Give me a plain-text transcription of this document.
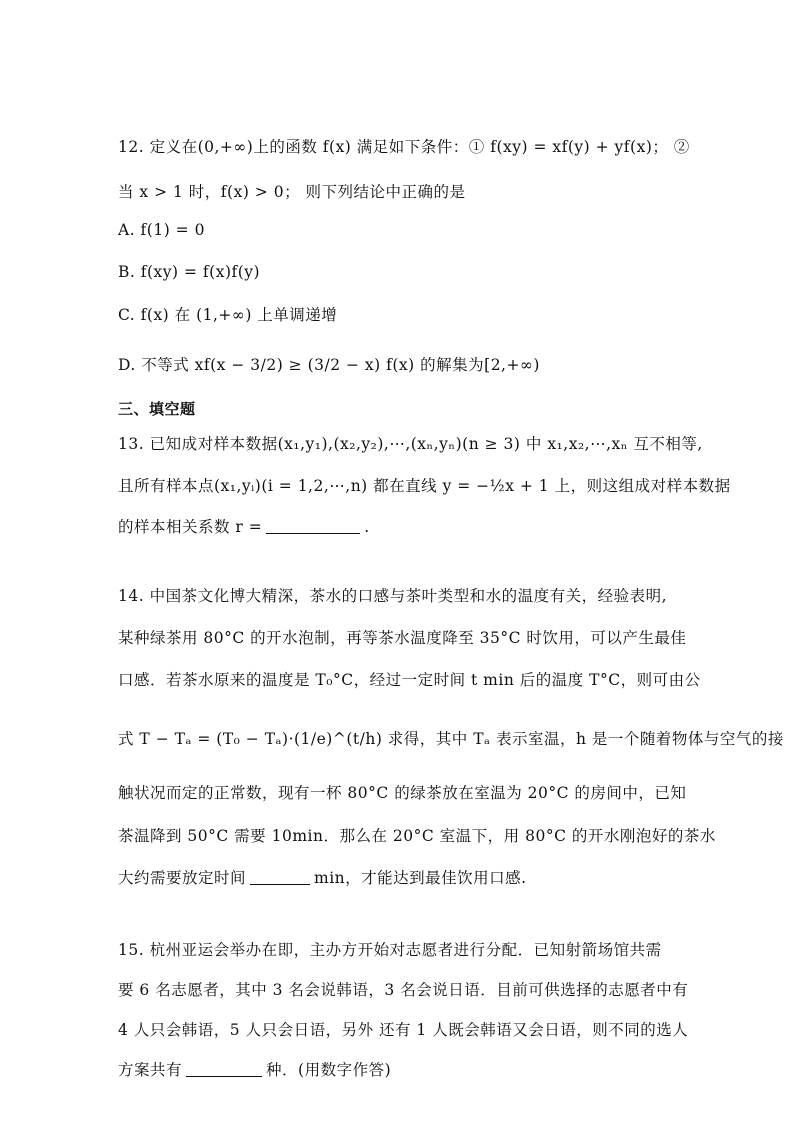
12. 定义在(0,+∞)上的函数 f(x) 满足如下条件：① f(xy) = xf(y) + yf(x)； ②
当 x > 1 时，f(x) > 0； 则下列结论中正确的是
A. f(1) = 0
B. f(xy) = f(x)f(y)
C. f(x) 在 (1,+∞) 上单调递增
D. 不等式 xf(x − 3/2) ≥ (3/2 − x) f(x) 的解集为[2,+∞)
三、填空题
13. 已知成对样本数据(x₁,y₁),(x₂,y₂),⋯,(xₙ,yₙ)(n ≥ 3) 中 x₁,x₂,⋯,xₙ 互不相等,
且所有样本点(x₁,yᵢ)(i = 1,2,⋯,n) 都在直线 y = −½x + 1 上，则这组成对样本数据
的样本相关系数 r =	.
14. 中国茶文化博大精深，茶水的口感与茶叶类型和水的温度有关，经验表明,
某种绿茶用 80°C 的开水泡制，再等茶水温度降至 35°C 时饮用，可以产生最佳
口感．若茶水原来的温度是 T₀°C，经过一定时间 t min 后的温度 T°C，则可由公
式 T − Tₐ = (T₀ − Tₐ)·(1/e)^(t/h) 求得，其中 Tₐ 表示室温，h 是一个随着物体与空气的接
触状况而定的正常数，现有一杯 80°C 的绿茶放在室温为 20°C 的房间中，已知
茶温降到 50°C 需要 10min．那么在 20°C 室温下，用 80°C 的开水刚泡好的茶水
大约需要放定时间	min，才能达到最佳饮用口感.
15. 杭州亚运会举办在即，主办方开始对志愿者进行分配．已知射箭场馆共需
要 6 名志愿者，其中 3 名会说韩语，3 名会说日语．目前可供选择的志愿者中有
4 人只会韩语，5 人只会日语，另外 还有 1 人既会韩语又会日语，则不同的选人
方案共有	种．(用数字作答)
